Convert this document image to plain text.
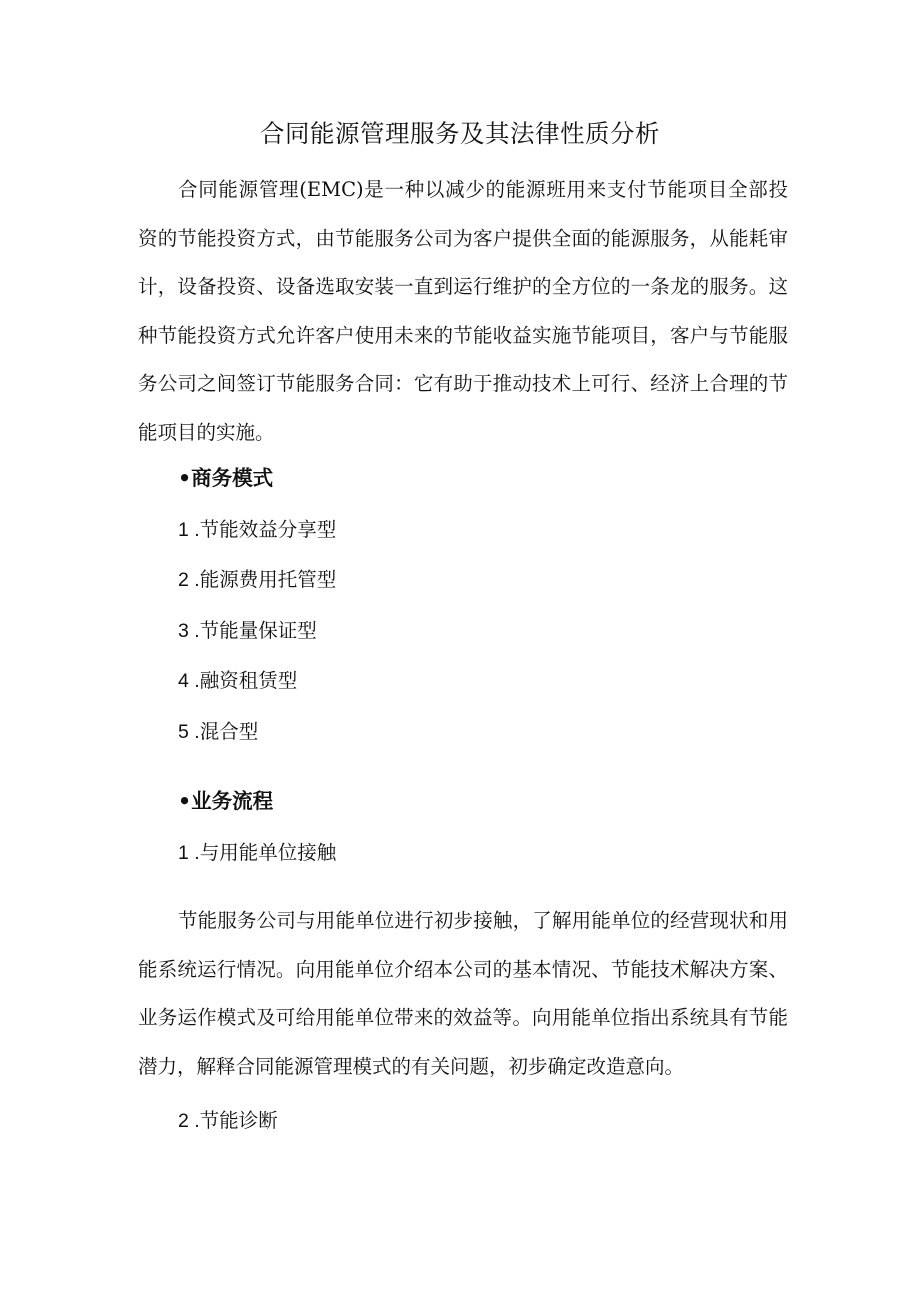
合同能源管理服务及其法律性质分析

合同能源管理(EMC)是一种以减少的能源班用来支付节能项目全部投资的节能投资方式，由节能服务公司为客户提供全面的能源服务，从能耗审计，设备投资、设备选取安装一直到运行维护的全方位的一条龙的服务。这种节能投资方式允许客户使用未来的节能收益实施节能项目，客户与节能服务公司之间签订节能服务合同：它有助于推动技术上可行、经济上合理的节能项目的实施。

•商务模式

1 .节能效益分享型

2 .能源费用托管型

3 .节能量保证型

4 .融资租赁型

5 .混合型

•业务流程

1 .与用能单位接触

节能服务公司与用能单位进行初步接触，了解用能单位的经营现状和用能系统运行情况。向用能单位介绍本公司的基本情况、节能技术解决方案、业务运作模式及可给用能单位带来的效益等。向用能单位指出系统具有节能潜力，解释合同能源管理模式的有关问题，初步确定改造意向。

2 .节能诊断
